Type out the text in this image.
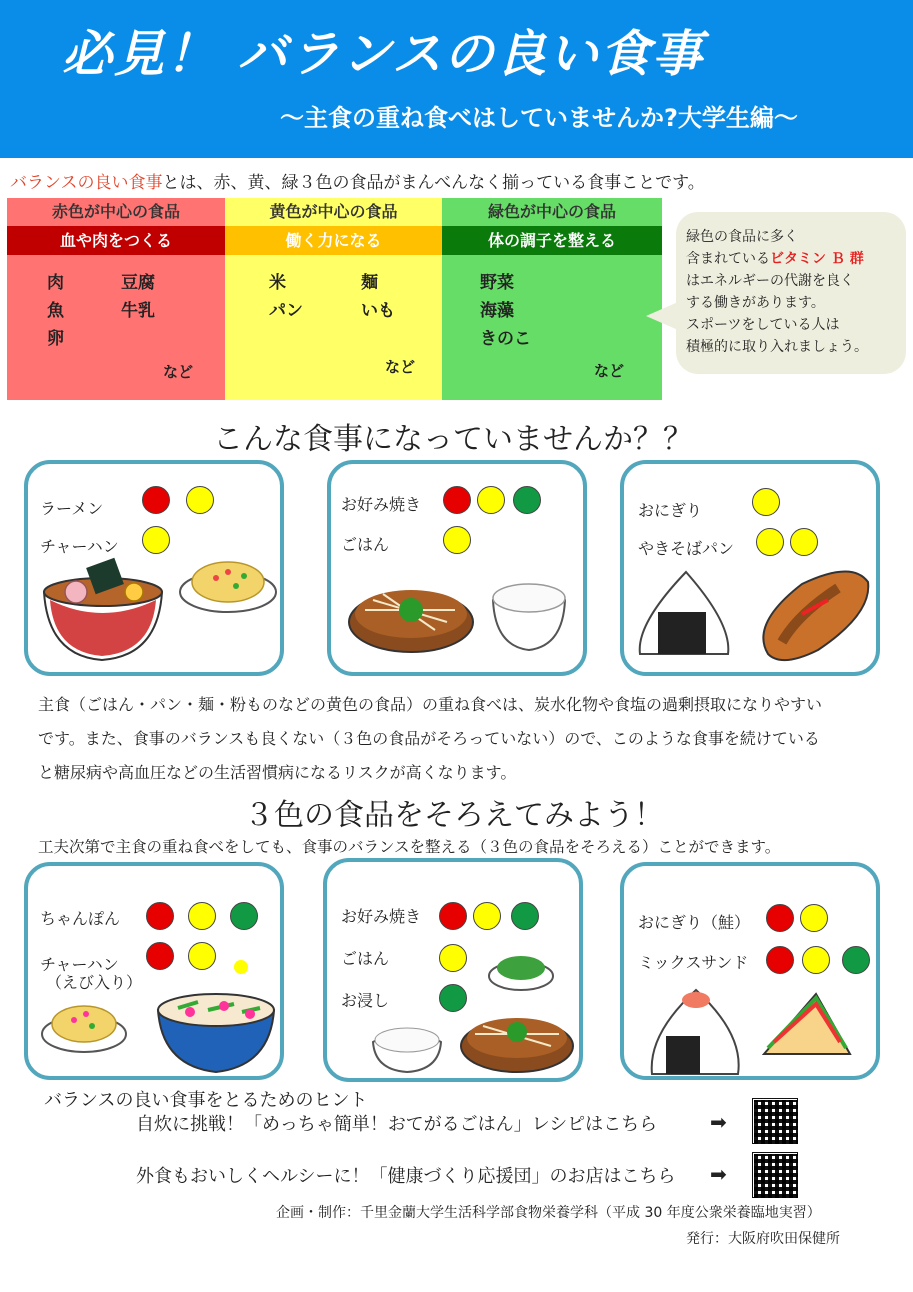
必見！ バランスの良い食事
〜主食の重ね食べはしていませんか?大学生編〜
バランスの良い食事とは、赤、黄、緑３色の食品がまんべんなく揃っている食事ことです。
赤色が中心の食品
血や肉をつくる
肉	豆腐
魚	牛乳
卵
など
黄色が中心の食品
働く力になる
米	麺
パン	いも
など
緑色が中心の食品
体の調子を整える
野菜
海藻
きのこ
など
緑色の食品に多く
含まれているビタミン Ｂ 群
はエネルギーの代謝を良く
する働きがあります。
スポーツをしている人は
積極的に取り入れましょう。
こんな食事になっていませんか？？
ラーメン
チャーハン
お好み焼き
ごはん
おにぎり
やきそばパン
主食（ごはん・パン・麺・粉ものなどの黄色の食品）の重ね食べは、炭水化物や食塩の過剰摂取になりやすい
です。また、食事のバランスも良くない（３色の食品がそろっていない）ので、このような食事を続けている
と糖尿病や高血圧などの生活習慣病になるリスクが高くなります。
３色の食品をそろえてみよう！
工夫次第で主食の重ね食べをしても、食事のバランスを整える（３色の食品をそろえる）ことができます。
ちゃんぽん
チャーハン
（えび入り）
お好み焼き
ごはん
お浸し
おにぎり（鮭）
ミックスサンド
バランスの良い食事をとるためのヒント
自炊に挑戦！「めっちゃ簡単！おてがるごはん」レシピはこちら	➡
外食もおいしくヘルシーに！「健康づくり応援団」のお店はこちら ➡
企画・制作：千里金蘭大学生活科学部食物栄養学科（平成 30 年度公衆栄養臨地実習）
発行：大阪府吹田保健所
